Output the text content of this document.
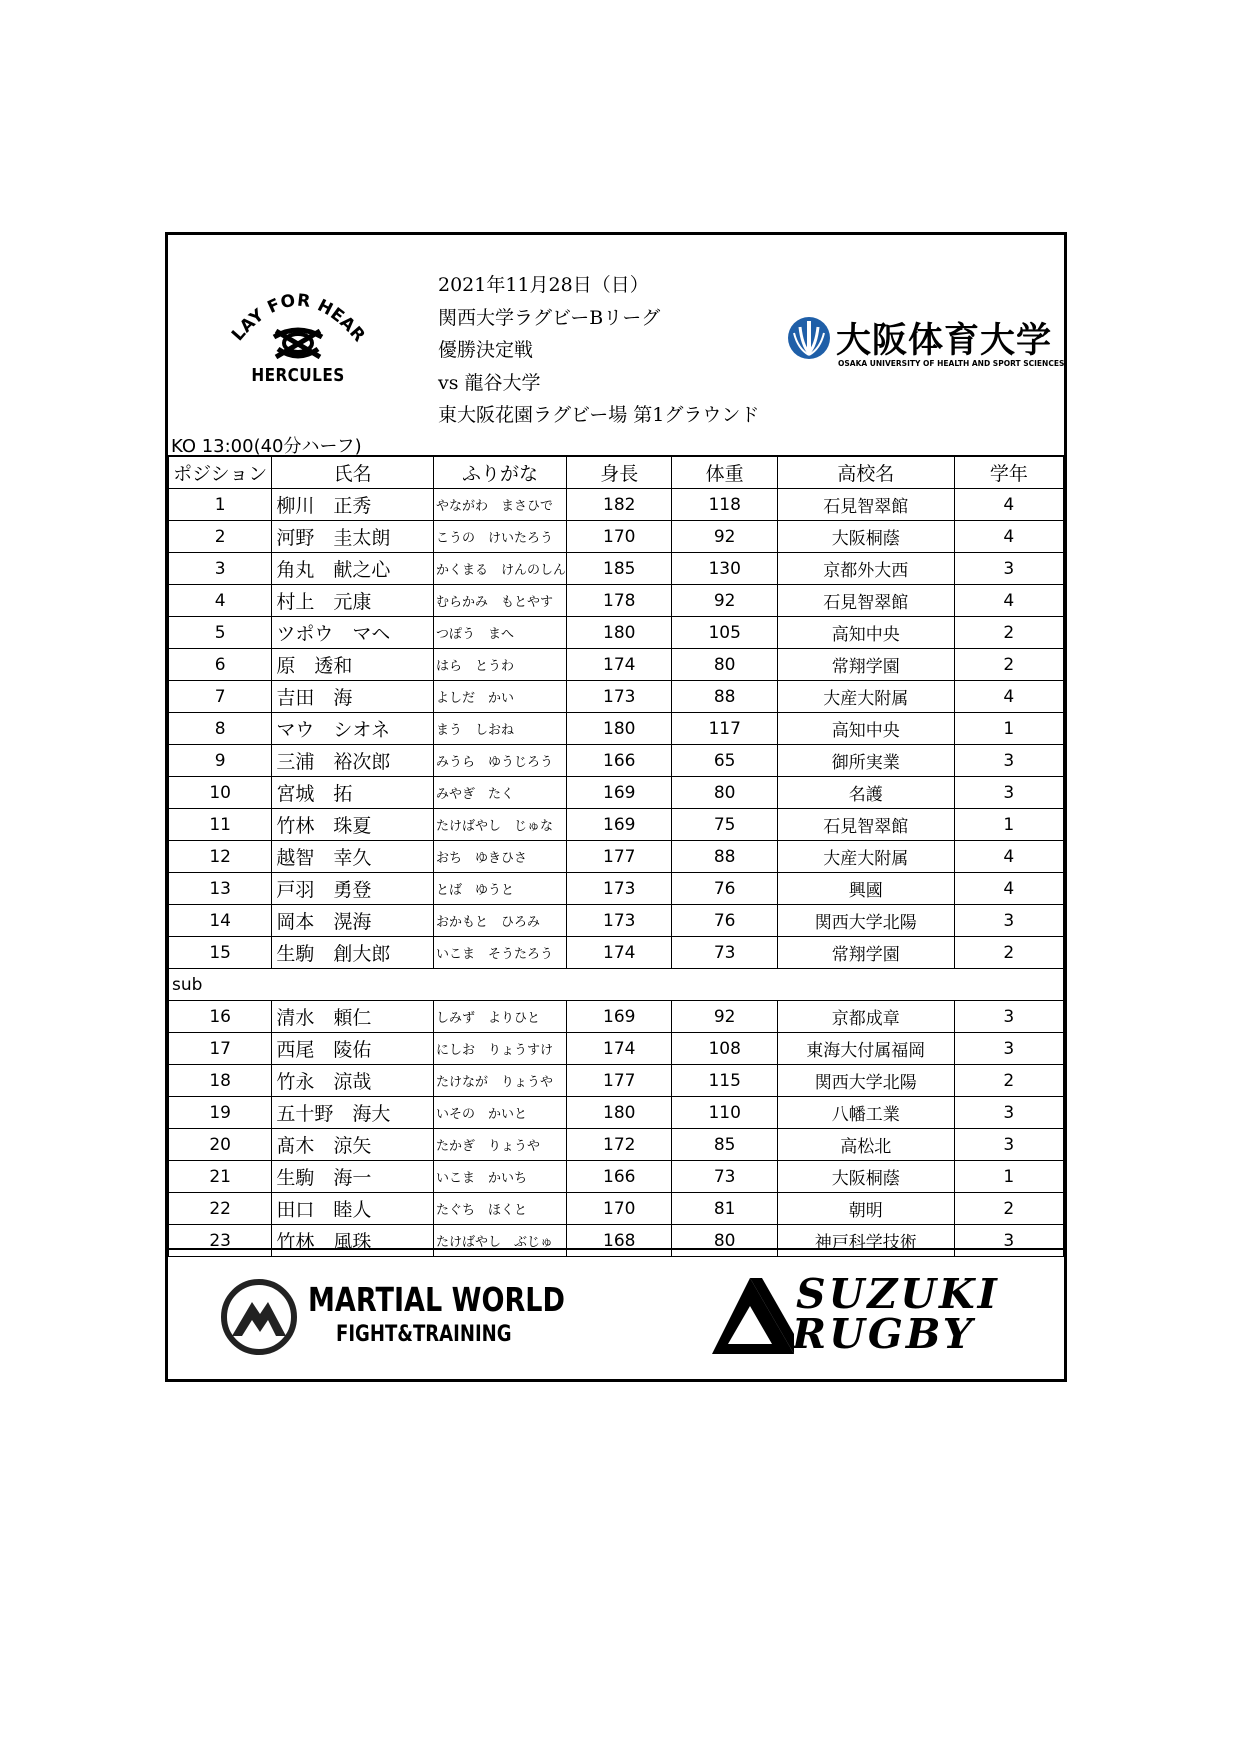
LAY FOR HEAR
HERCULES
2021年11月28日（日）
関西大学ラグビーBリーグ
優勝決定戦
vs 龍谷大学
東大阪花園ラグビー場 第1グラウンド
大阪体育大学
OSAKA UNIVERSITY OF HEALTH AND SPORT SCIENCES
KO 13:00(40分ハーフ)
ポジション	氏名	ふりがな	身長	体重	高校名	学年
1	柳川　正秀	やながわ　まさひで	182	118	石見智翠館	4
2	河野　圭太朗	こうの　けいたろう	170	92	大阪桐蔭	4
3	角丸　献之心	かくまる　けんのしん	185	130	京都外大西	3
4	村上　元康	むらかみ　もとやす	178	92	石見智翠館	4
5	ツポウ　マヘ	つぽう　まへ	180	105	高知中央	2
6	原　透和	はら　とうわ	174	80	常翔学園	2
7	吉田　海	よしだ　かい	173	88	大産大附属	4
8	マウ　シオネ	まう　しおね	180	117	高知中央	1
9	三浦　裕次郎	みうら　ゆうじろう	166	65	御所実業	3
10	宮城　拓	みやぎ　たく	169	80	名護	3
11	竹林　珠夏	たけばやし　じゅな	169	75	石見智翠館	1
12	越智　幸久	おち　ゆきひさ	177	88	大産大附属	4
13	戸羽　勇登	とば　ゆうと	173	76	興國	4
14	岡本　滉海	おかもと　ひろみ	173	76	関西大学北陽	3
15	生駒　創大郎	いこま　そうたろう	174	73	常翔学園	2
sub						
16	清水　頼仁	しみず　よりひと	169	92	京都成章	3
17	西尾　陵佑	にしお　りょうすけ	174	108	東海大付属福岡	3
18	竹永　涼哉	たけなが　りょうや	177	115	関西大学北陽	2
19	五十野　海大	いその　かいと	180	110	八幡工業	3
20	髙木　涼矢	たかぎ　りょうや	172	85	高松北	3
21	生駒　海一	いこま　かいち	166	73	大阪桐蔭	1
22	田口　睦人	たぐち　ほくと	170	81	朝明	2
23	竹林　風珠	たけばやし　ぶじゅ	168	80	神戸科学技術	3
MARTIAL WORLD
FIGHT&TRAINING
SUZUKI
RUGBY
